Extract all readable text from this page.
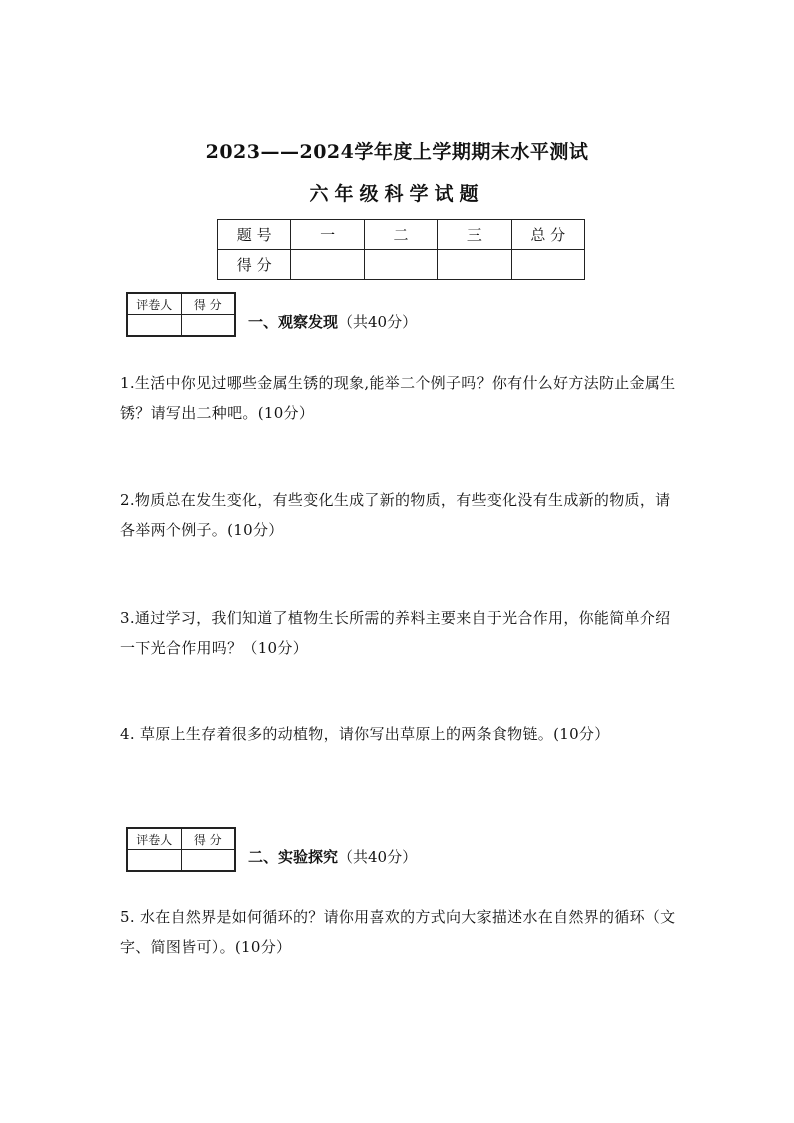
2023——2024学年度上学期期末水平测试
六年级科学试题
题 号	一	二	三	总 分
得 分				
评卷人	得 分

一、观察发现（共40分）
1.生活中你见过哪些金属生锈的现象,能举二个例子吗？你有什么好方法防止金属生锈？请写出二种吧。(10分）
2.物质总在发生变化，有些变化生成了新的物质，有些变化没有生成新的物质，请各举两个例子。(10分）
3.通过学习，我们知道了植物生长所需的养料主要来自于光合作用，你能简单介绍一下光合作用吗？（10分）
4. 草原上生存着很多的动植物，请你写出草原上的两条食物链。(10分）
评卷人	得 分

二、实验探究（共40分）
5. 水在自然界是如何循环的？请你用喜欢的方式向大家描述水在自然界的循环（文字、简图皆可）。(10分）
